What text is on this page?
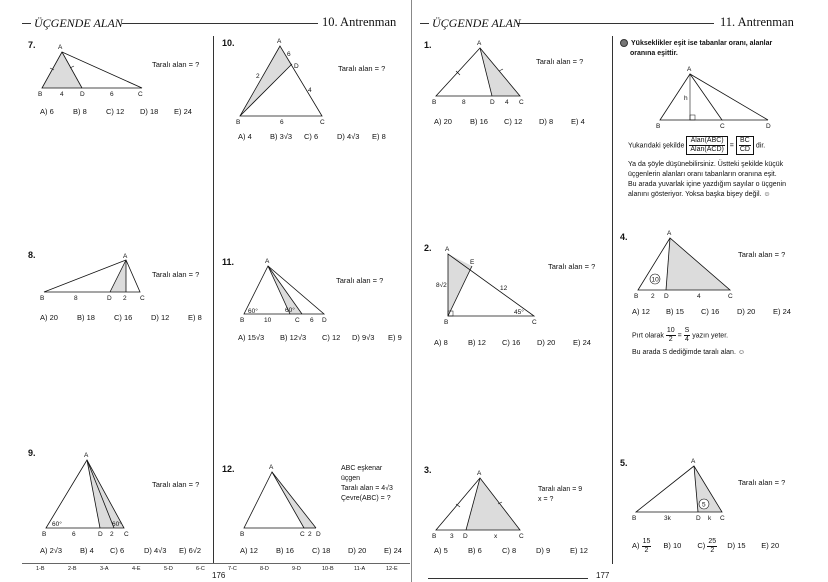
ÜÇGENDE ALAN	10. Antrenman	ÜÇGENDE ALAN	11. Antrenman
7.	A
B	D	C
4	6
Taralı alan = ?
A) 6	B) 8	C) 12 D) 18 E) 24
8.	A
B	D	C
8	2
Taralı alan = ?
A) 20	B) 18	C) 16 D) 12 E) 8
9.	A
B	D	C
60°	60°
6	2
Taralı alan = ?
A) 2√3 B) 4 C) 6	D) 4√3 E) 6√2
10.	A
B	C
D
2
6
4
6
Taralı alan = ?
A) 4 B) 3√3 C) 6	D) 4√3 E) 8
11.	A
B	C	D
60°	60°
10	6
Taralı alan = ?
A) 15√3 B) 12√3 C) 12 D) 9√3 E) 9
12.	A
B	C D
2
ABC eşkenar
üçgen
Taralı alan = 4√3
Çevre(ABC) = ?
A) 12 B) 16 C) 18 D) 20 E) 24
1.	A
B	D	C
8	4
Taralı alan = ?
A) 20 B) 16 C) 12 D) 8 E) 4
2. A
B	C
E
8√2	12
45°
Taralı alan = ?
A) 8	B) 12 C) 16 D) 20 E) 24
3.	A
B	D	C
3	x
Taralı alan = 9
x = ?
A) 5	B) 6	C) 8	D) 9	E) 12
Yükseklikler eşit ise tabanlar oranı, alanlar
oranına eşittir.
A
B	C	D
h
Yukarıdaki şekilde
Alan(ABC)
Alan(ACD)
= $\frac{BC}{CD}$ dir.
Ya da şöyle düşünebilirsiniz. Üstteki şekilde küçük
üçgenlerin alanları oranı tabanların oranına eşit.
Bu arada yuvarlak içine yazdığım sayılar o üçgenin
alanını gösteriyor. Yoksa başka bişey değil. ☺
4.
10
A
B	D	C
2	4
Taralı alan = ?
A) 12 B) 15 C) 16 D) 20 E) 24
Pırt olarak $\frac{10}{2} = \frac{S}{4}$ yazın yeter.
Bu arada S dediğimde taralı alan. ☺
5.
5
A
B	D	C
3k	k
Taralı alan = ?
$A) \frac{15}{2} B$) 10 $C) \frac{25}{2} D$) 15 E) 20
1-B	2-B	3-A	4-E	5-D	6-C	7-C	8-D	9-D	10-B	11-A	12-E
176	177
